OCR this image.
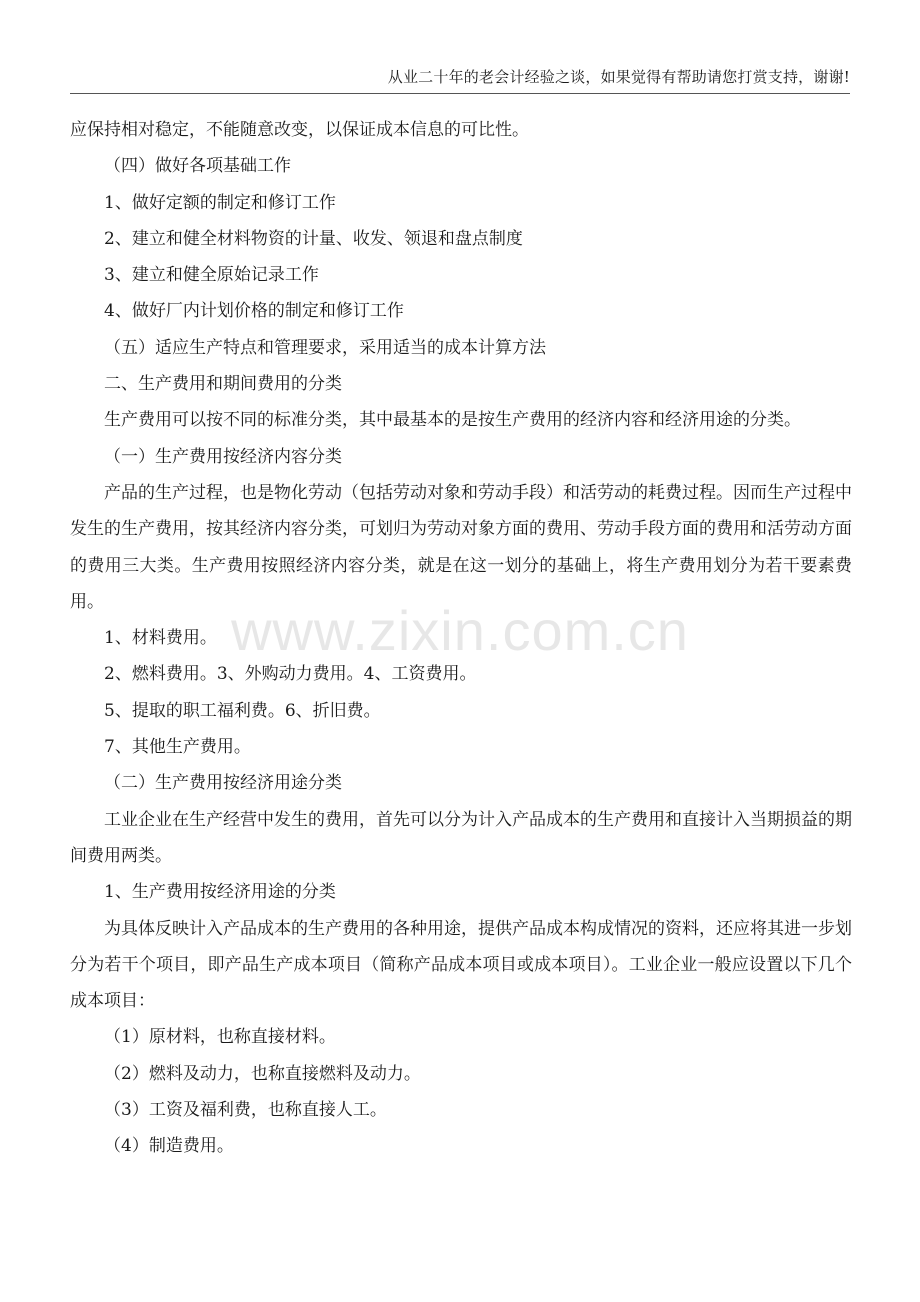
从业二十年的老会计经验之谈，如果觉得有帮助请您打赏支持，谢谢!
www.zixin.com.cn

应保持相对稳定，不能随意改变，以保证成本信息的可比性。

（四）做好各项基础工作

1、做好定额的制定和修订工作

2、建立和健全材料物资的计量、收发、领退和盘点制度

3、建立和健全原始记录工作

4、做好厂内计划价格的制定和修订工作

（五）适应生产特点和管理要求，采用适当的成本计算方法

二、生产费用和期间费用的分类

生产费用可以按不同的标准分类，其中最基本的是按生产费用的经济内容和经济用途的分类。

（一）生产费用按经济内容分类

产品的生产过程，也是物化劳动（包括劳动对象和劳动手段）和活劳动的耗费过程。因而生产过程中发生的生产费用，按其经济内容分类，可划归为劳动对象方面的费用、劳动手段方面的费用和活劳动方面的费用三大类。生产费用按照经济内容分类，就是在这一划分的基础上，将生产费用划分为若干要素费用。

1、材料费用。

2、燃料费用。3、外购动力费用。4、工资费用。

5、提取的职工福利费。6、折旧费。

7、其他生产费用。

（二）生产费用按经济用途分类

工业企业在生产经营中发生的费用，首先可以分为计入产品成本的生产费用和直接计入当期损益的期间费用两类。

1、生产费用按经济用途的分类

为具体反映计入产品成本的生产费用的各种用途，提供产品成本构成情况的资料，还应将其进一步划分为若干个项目，即产品生产成本项目（简称产品成本项目或成本项目）。工业企业一般应设置以下几个成本项目：

（1）原材料，也称直接材料。

（2）燃料及动力，也称直接燃料及动力。

（3）工资及福利费，也称直接人工。

（4）制造费用。
